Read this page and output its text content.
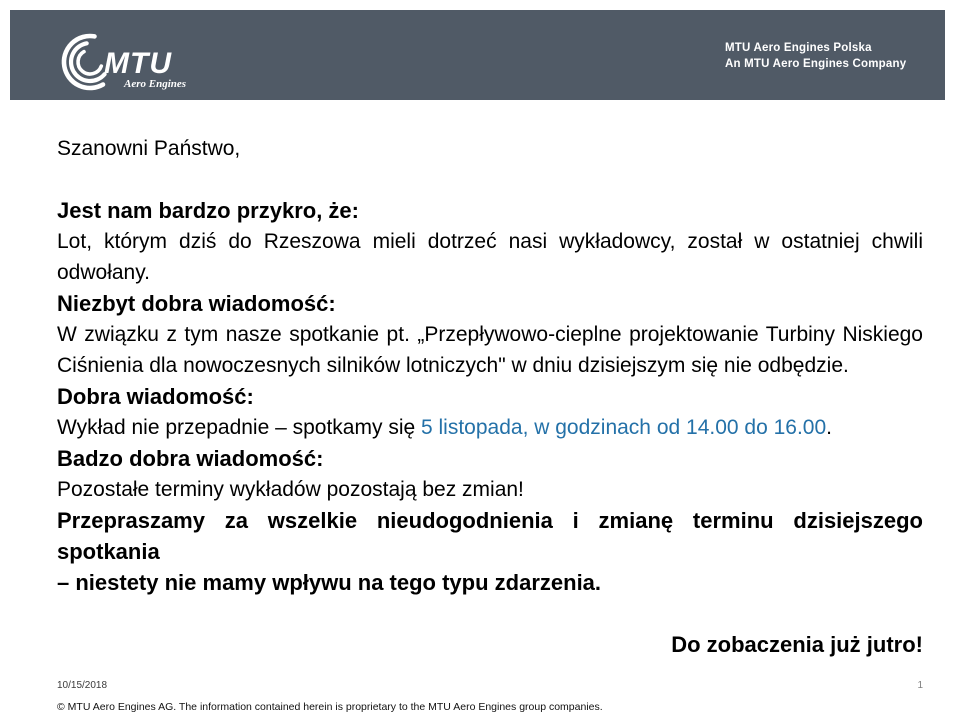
MTU
Aero Engines
MTU Aero Engines Polska
An MTU Aero Engines Company
Szanowni Państwo,
Jest nam bardzo przykro, że:
Lot, którym dziś do Rzeszowa mieli dotrzeć nasi wykładowcy, został w ostatniej chwili
odwołany.
Niezbyt dobra wiadomość:
W związku z tym nasze spotkanie pt. „Przepływowo-cieplne projektowanie Turbiny Niskiego
Ciśnienia dla nowoczesnych silników lotniczych" w dniu dzisiejszym się nie odbędzie.
Dobra wiadomość:
Wykład nie przepadnie – spotkamy się 5 listopada, w godzinach od 14.00 do 16.00.
Badzo dobra wiadomość:
Pozostałe terminy wykładów pozostają bez zmian!
Przepraszamy za wszelkie nieudogodnienia i zmianę terminu dzisiejszego spotkania
– niestety nie mamy wpływu na tego typu zdarzenia.
Do zobaczenia już jutro!
10/15/2018	1
© MTU Aero Engines AG. The information contained herein is proprietary to the MTU Aero Engines group companies.
